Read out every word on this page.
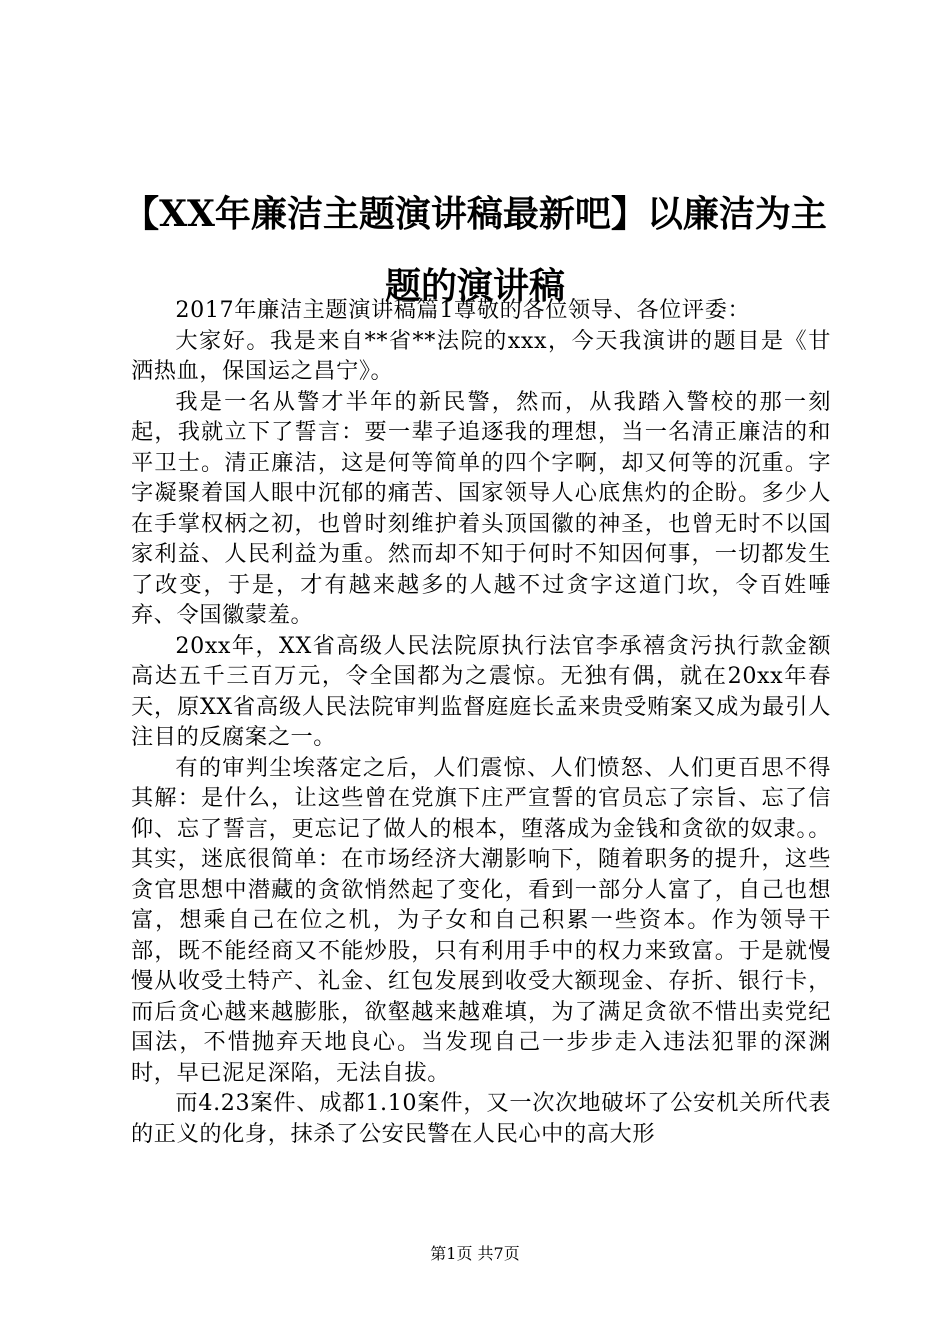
【XX年廉洁主题演讲稿最新吧】以廉洁为主题的演讲稿

2017年廉洁主题演讲稿篇1尊敬的各位领导、各位评委：

大家好。我是来自**省**法院的xxx，今天我演讲的题目是《甘洒热血，保国运之昌宁》。

我是一名从警才半年的新民警，然而，从我踏入警校的那一刻起，我就立下了誓言：要一辈子追逐我的理想，当一名清正廉洁的和平卫士。清正廉洁，这是何等简单的四个字啊，却又何等的沉重。字字凝聚着国人眼中沉郁的痛苦、国家领导人心底焦灼的企盼。多少人在手掌权柄之初，也曾时刻维护着头顶国徽的神圣，也曾无时不以国家利益、人民利益为重。然而却不知于何时不知因何事，一切都发生了改变，于是，才有越来越多的人越不过贪字这道门坎，令百姓唾弃、令国徽蒙羞。

20xx年，XX省高级人民法院原执行法官李承禧贪污执行款金额高达五千三百万元，令全国都为之震惊。无独有偶，就在20xx年春天，原XX省高级人民法院审判监督庭庭长孟来贵受贿案又成为最引人注目的反腐案之一。

有的审判尘埃落定之后，人们震惊、人们愤怒、人们更百思不得其解：是什么，让这些曾在党旗下庄严宣誓的官员忘了宗旨、忘了信仰、忘了誓言，更忘记了做人的根本，堕落成为金钱和贪欲的奴隶。。其实，迷底很简单：在市场经济大潮影响下，随着职务的提升，这些贪官思想中潜藏的贪欲悄然起了变化，看到一部分人富了，自己也想富，想乘自己在位之机，为子女和自己积累一些资本。作为领导干部，既不能经商又不能炒股，只有利用手中的权力来致富。于是就慢慢从收受土特产、礼金、红包发展到收受大额现金、存折、银行卡，而后贪心越来越膨胀，欲壑越来越难填，为了满足贪欲不惜出卖党纪国法，不惜抛弃天地良心。当发现自己一步步走入违法犯罪的深渊时，早已泥足深陷，无法自拔。

而4.23案件、成都1.10案件，又一次次地破坏了公安机关所代表的正义的化身，抹杀了公安民警在人民心中的高大形

第1页 共7页
